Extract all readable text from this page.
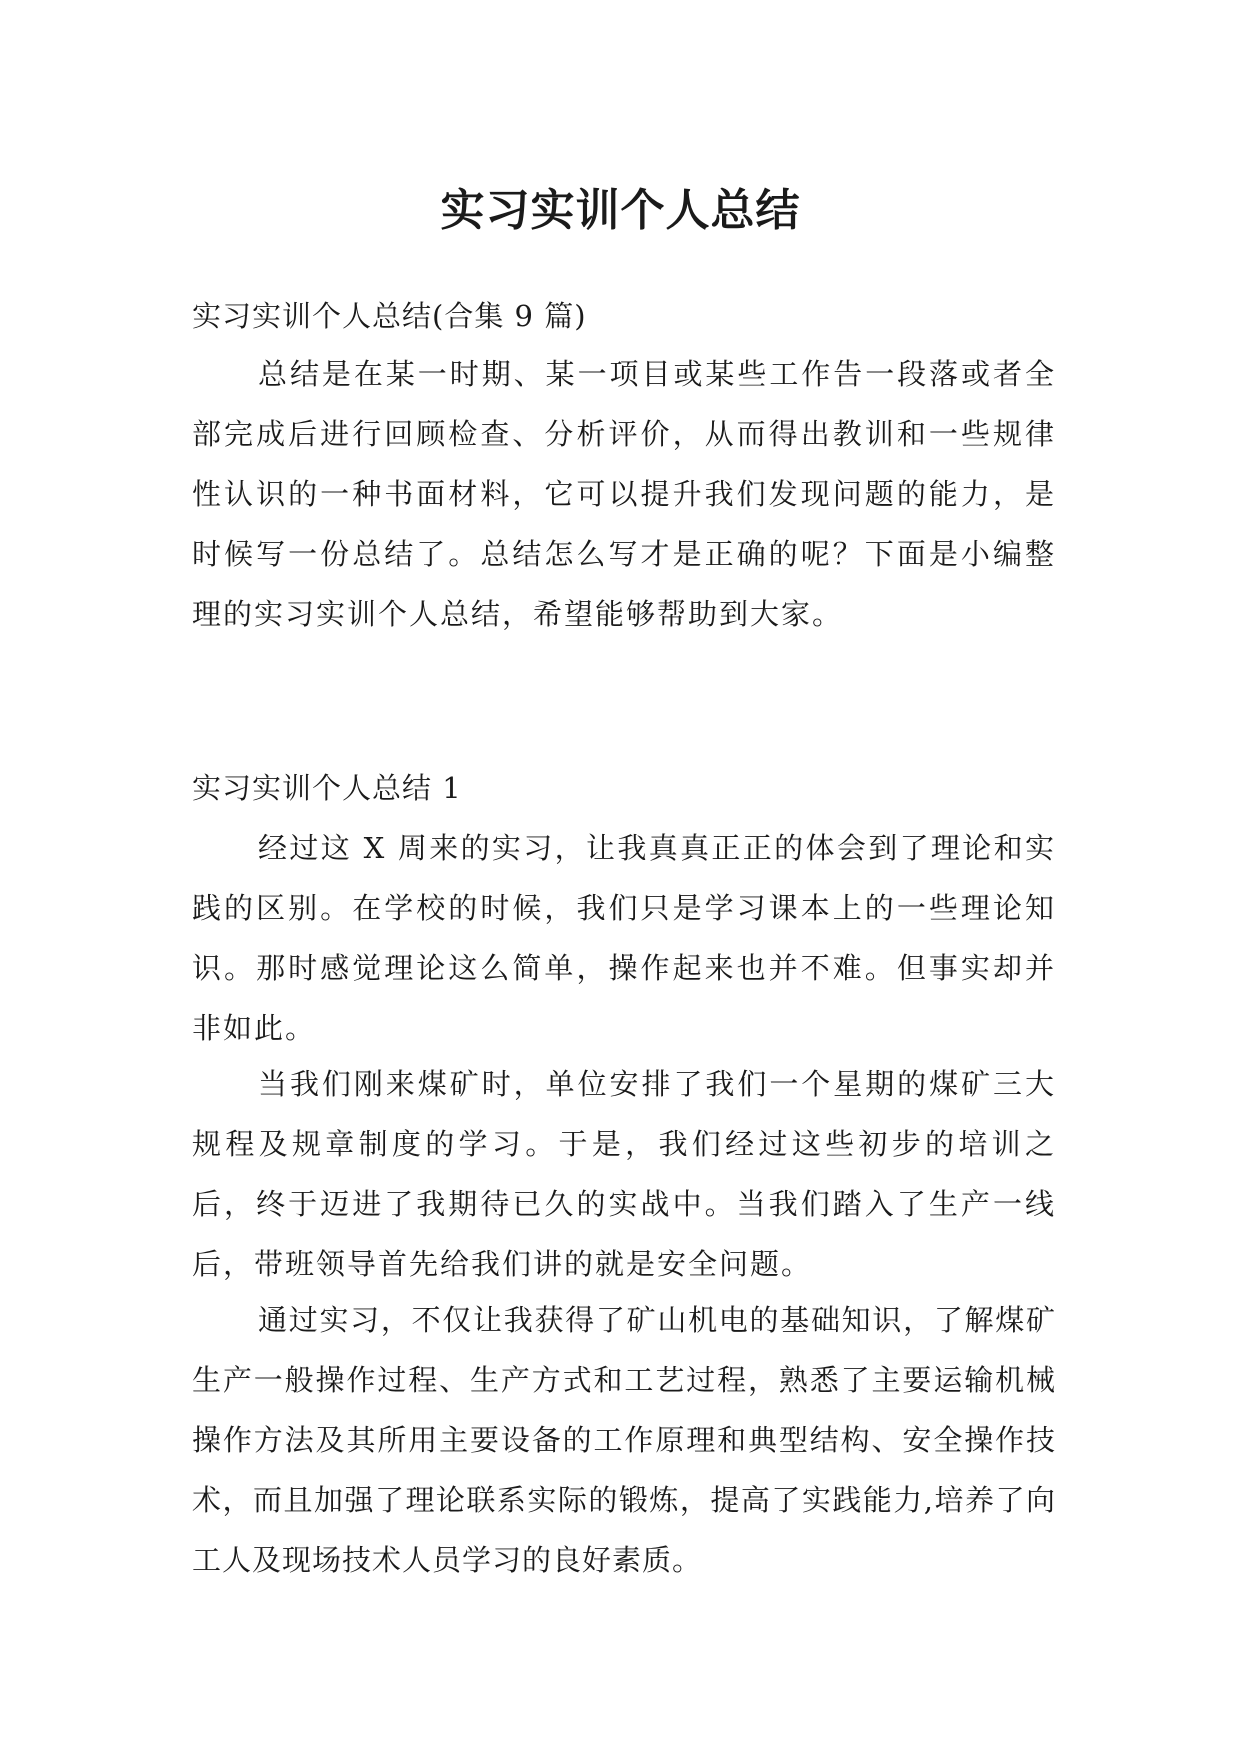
实习实训个人总结

实习实训个人总结(合集 9 篇)

总结是在某一时期、某一项目或某些工作告一段落或者全部完成后进行回顾检查、分析评价，从而得出教训和一些规律性认识的一种书面材料，它可以提升我们发现问题的能力，是时候写一份总结了。总结怎么写才是正确的呢？下面是小编整理的实习实训个人总结，希望能够帮助到大家。

实习实训个人总结 1

经过这 X 周来的实习，让我真真正正的体会到了理论和实践的区别。在学校的时候，我们只是学习课本上的一些理论知识。那时感觉理论这么简单，操作起来也并不难。但事实却并非如此。

当我们刚来煤矿时，单位安排了我们一个星期的煤矿三大规程及规章制度的学习。于是，我们经过这些初步的培训之后，终于迈进了我期待已久的实战中。当我们踏入了生产一线后，带班领导首先给我们讲的就是安全问题。

通过实习，不仅让我获得了矿山机电的基础知识，了解煤矿生产一般操作过程、生产方式和工艺过程，熟悉了主要运输机械操作方法及其所用主要设备的工作原理和典型结构、安全操作技术，而且加强了理论联系实际的锻炼，提高了实践能力,培养了向工人及现场技术人员学习的良好素质。
